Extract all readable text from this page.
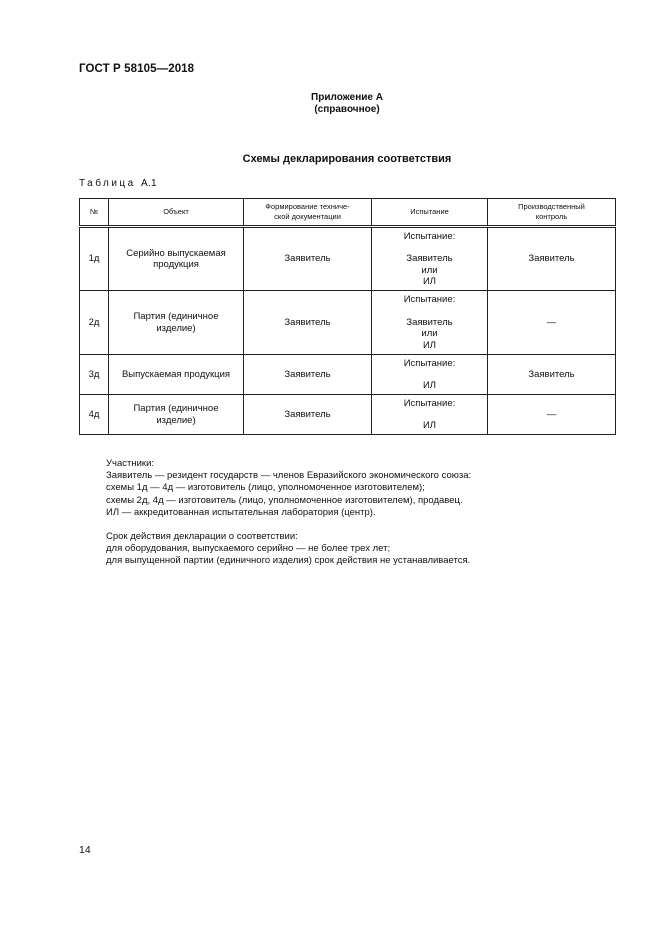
ГОСТ Р 58105—2018
Приложение А
(справочное)
Схемы декларирования соответствия
Таблица А.1
№	Объект	Формирование техниче-
ской документации	Испытание	Производственный
контроль
1д	Серийно выпускаемая
продукция	Заявитель	Испытание:

Заявитель
или
ИЛ	Заявитель
2д	Партия (единичное
изделие)	Заявитель	Испытание:

Заявитель
или
ИЛ	—
3д	Выпускаемая продукция	Заявитель	Испытание:

ИЛ	Заявитель
4д	Партия (единичное
изделие)	Заявитель	Испытание:

ИЛ	—

Участники:

Заявитель — резидент государств — членов Евразийского экономического союза:

схемы 1д — 4д — изготовитель (лицо, уполномоченное изготовителем);

схемы 2д, 4д — изготовитель (лицо, уполномоченное изготовителем), продавец.

ИЛ — аккредитованная испытательная лаборатория (центр).

Срок действия декларации о соответствии:

для оборудования, выпускаемого серийно — не более трех лет;

для выпущенной партии (единичного изделия) срок действия не устанавливается.

14
